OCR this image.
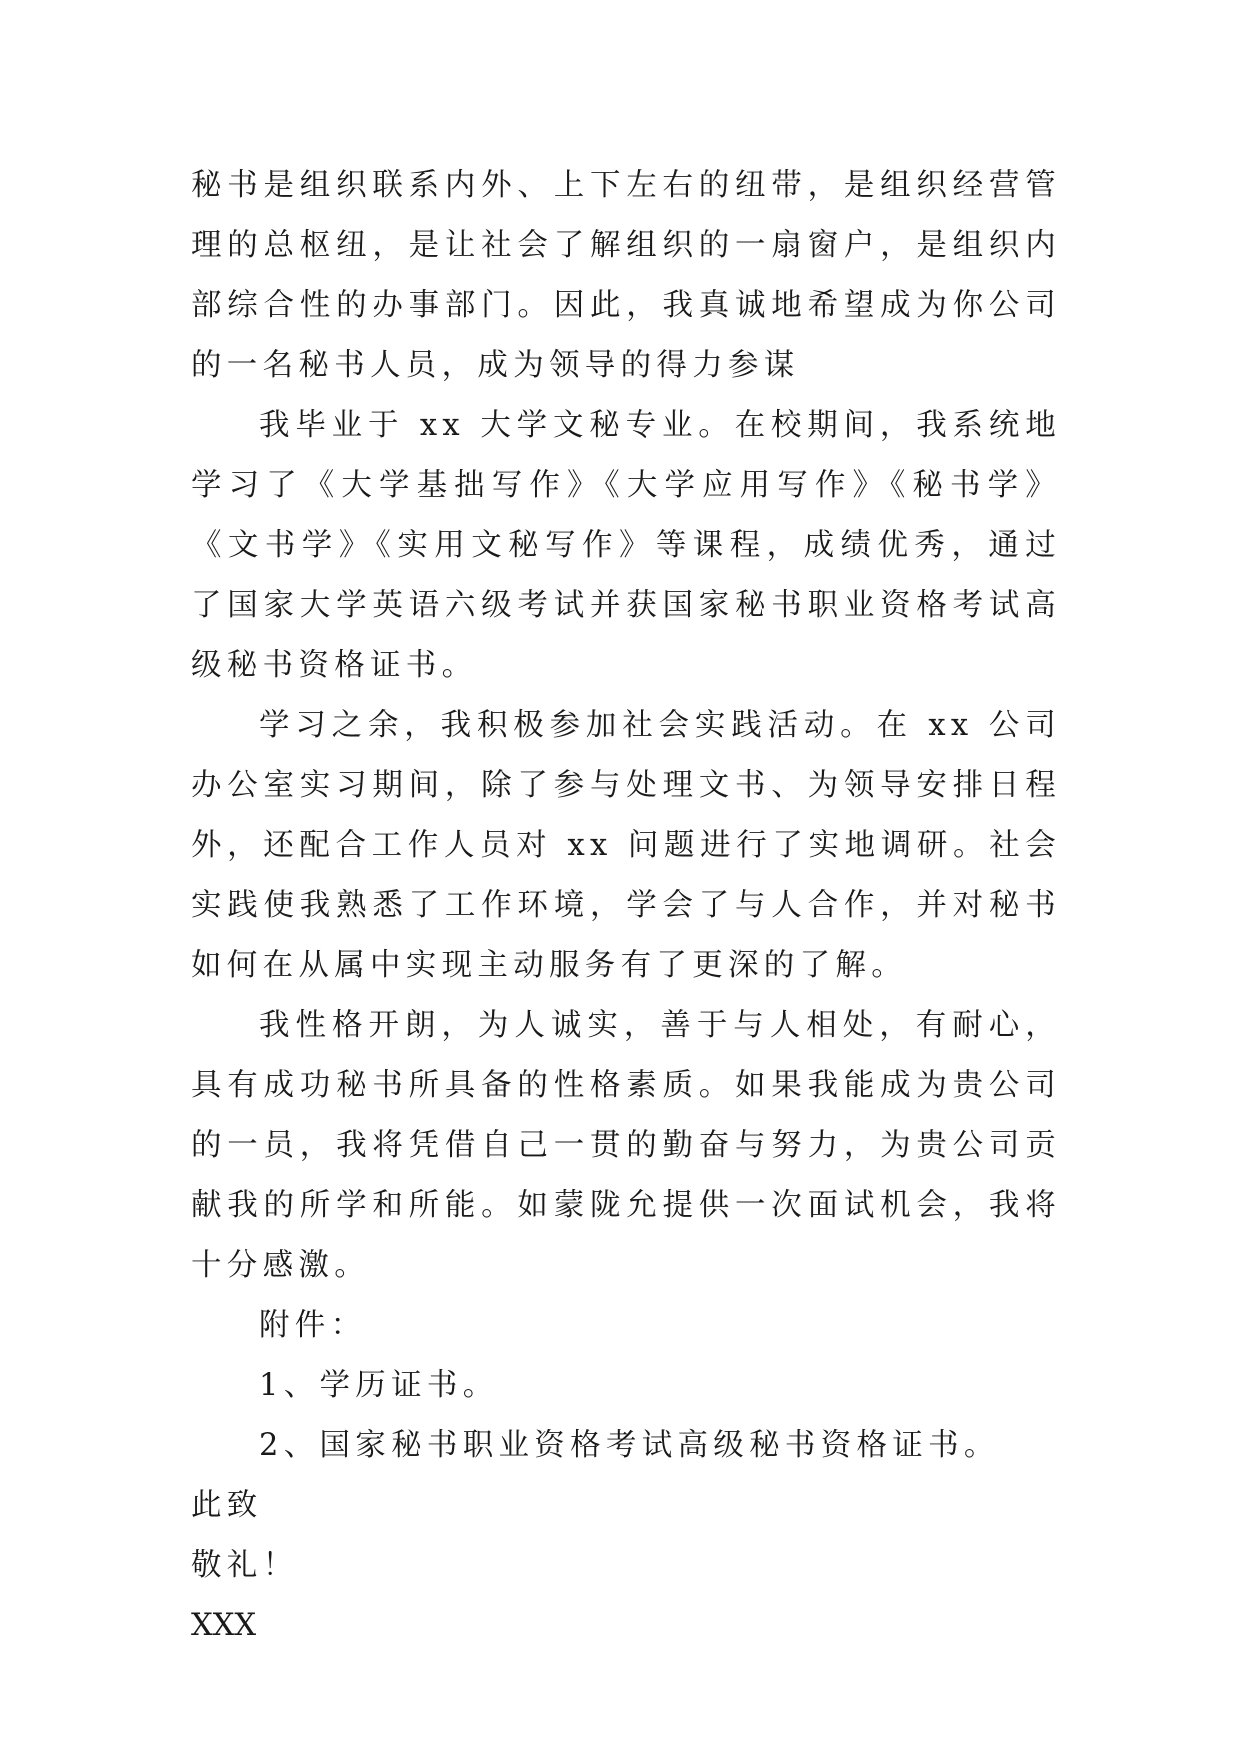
秘书是组织联系内外、上下左右的纽带，是组织经营管理的总枢纽，是让社会了解组织的一扇窗户，是组织内部综合性的办事部门。因此，我真诚地希望成为你公司的一名秘书人员，成为领导的得力参谋

我毕业于 xx 大学文秘专业。在校期间，我系统地学习了《大学基拙写作》《大学应用写作》《秘书学》《文书学》《实用文秘写作》等课程，成绩优秀，通过了国家大学英语六级考试并获国家秘书职业资格考试高级秘书资格证书。

学习之余，我积极参加社会实践活动。在 xx 公司办公室实习期间，除了参与处理文书、为领导安排日程外，还配合工作人员对 xx 问题进行了实地调研。社会实践使我熟悉了工作环境，学会了与人合作，并对秘书如何在从属中实现主动服务有了更深的了解。

我性格开朗，为人诚实，善于与人相处，有耐心，具有成功秘书所具备的性格素质。如果我能成为贵公司的一员，我将凭借自己一贯的勤奋与努力，为贵公司贡献我的所学和所能。如蒙陇允提供一次面试机会，我将十分感激。

附件：

1、学历证书。

2、国家秘书职业资格考试高级秘书资格证书。

此致

敬礼！

XXX
